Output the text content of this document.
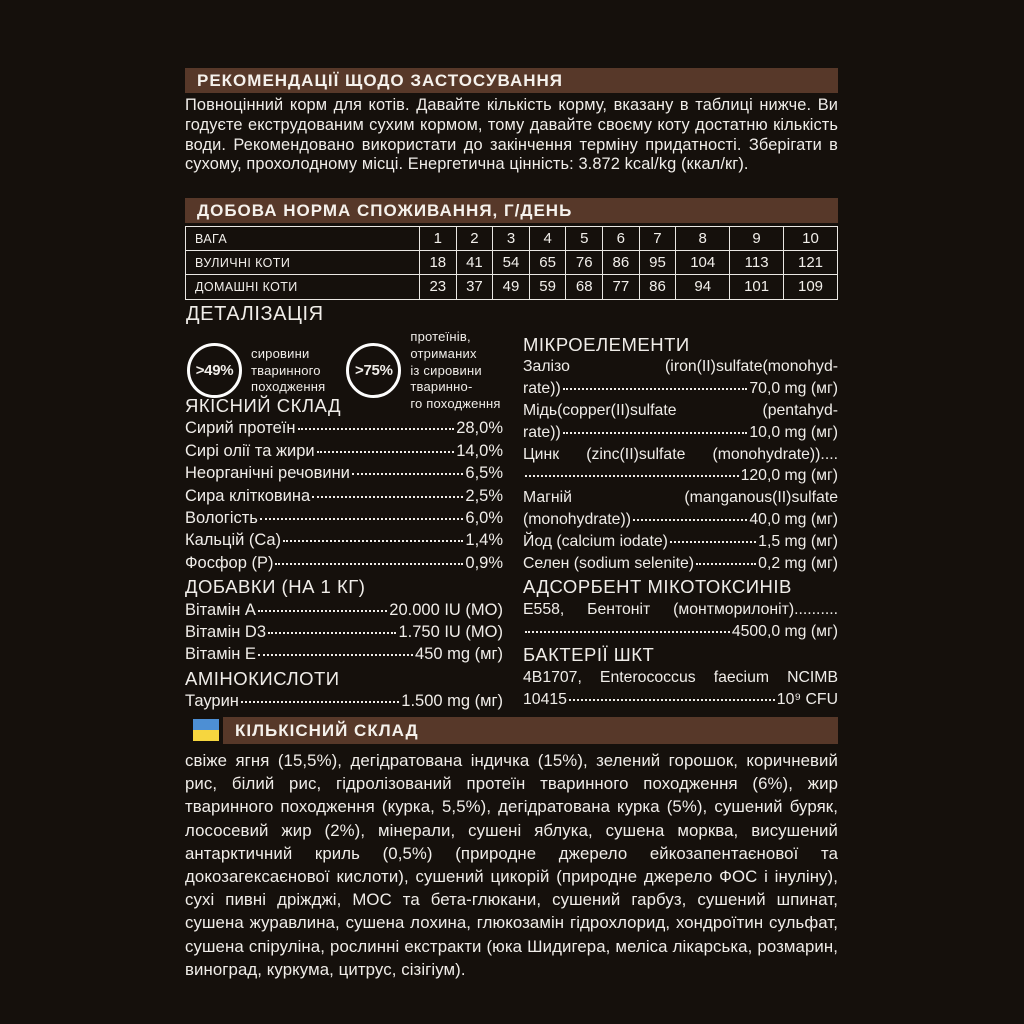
РЕКОМЕНДАЦІЇ ЩОДО ЗАСТОСУВАННЯ
Повноцінний корм для котів. Давайте кількість корму, вказану в таблиці нижче. Ви годуєте екструдованим сухим кормом, тому давайте своєму коту достатню кількість води. Рекомендовано використати до закінчення терміну придатності. Зберігати в сухому, прохолодному місці. Енергетична цінність: 3.872 kcal/kg (ккал/кг).
ДОБОВА НОРМА СПОЖИВАННЯ, Г/ДЕНЬ
ВАГА	1	2	3	4	5	6	7	8	9	10
ВУЛИЧНІ КОТИ	18	41	54	65	76	86	95	104	113	121
ДОМАШНІ КОТИ	23	37	49	59	68	77	86	94	101	109
ДЕТАЛІЗАЦІЯ
>49%
сировини
тваринного
походження
>75%
протеїнів, отриманих
із сировини тваринно-
го походження
ЯКІСНИЙ СКЛАД
Сирий протеїн	28,0%
Сирі олії та жири	14,0%
Неорганічні речовини	6,5%
Сира клітковина	2,5%
Вологість	6,0%
Кальцій (Ca)	1,4%
Фосфор (P)	0,9%
ДОБАВКИ (НА 1 КГ)
Вітамін A	20.000 IU (МО)
Вітамін D3	1.750 IU (МО)
Вітамін E	450 mg (мг)
АМІНОКИСЛОТИ
Таурин	1.500 mg (мг)
МІКРОЕЛЕМЕНТИ
Залізо (iron(II)sulfate(monohyd-
rate))	70,0 mg (мг)
Мідь(copper(II)sulfate (pentahyd-
rate))	10,0 mg (мг)
Цинк (zinc(II)sulfate (monohydrate))....
120,0 mg (мг)
Магній (manganous(II)sulfate
(monohydrate))	40,0 mg (мг)
Йод (calcium iodate)	1,5 mg (мг)
Селен (sodium selenite)	0,2 mg (мг)
АДСОРБЕНТ МІКОТОКСИНІВ
E558, Бентоніт (монтморилоніт)..........
4500,0 mg (мг)
БАКТЕРІЇ ШКТ
4B1707, Enterococcus faecium NCIMB
10415	10⁹ CFU
КІЛЬКІСНИЙ СКЛАД
свіже ягня (15,5%), дегідратована індичка (15%), зелений горошок, коричневий рис, білий рис, гідролізований протеїн тваринного походження (6%), жир тваринного походження (курка, 5,5%), дегідратована курка (5%), сушений буряк, лососевий жир (2%), мінерали, сушені яблука, сушена морква, висушений антарктичний криль (0,5%) (природне джерело ейкозапентаєнової та докозагексаєнової кислоти), сушений цикорій (природне джерело ФОС і інуліну), сухі пивні дріжджі, МОС та бета-глюкани, сушений гарбуз, сушений шпинат, сушена журавлина, сушена лохина, глюкозамін гідрохлорид, хондроїтин сульфат, сушена спіруліна, рослинні екстракти (юка Шидигера, меліса лікарська, розмарин, виноград, куркума, цитрус, сізігіум).
